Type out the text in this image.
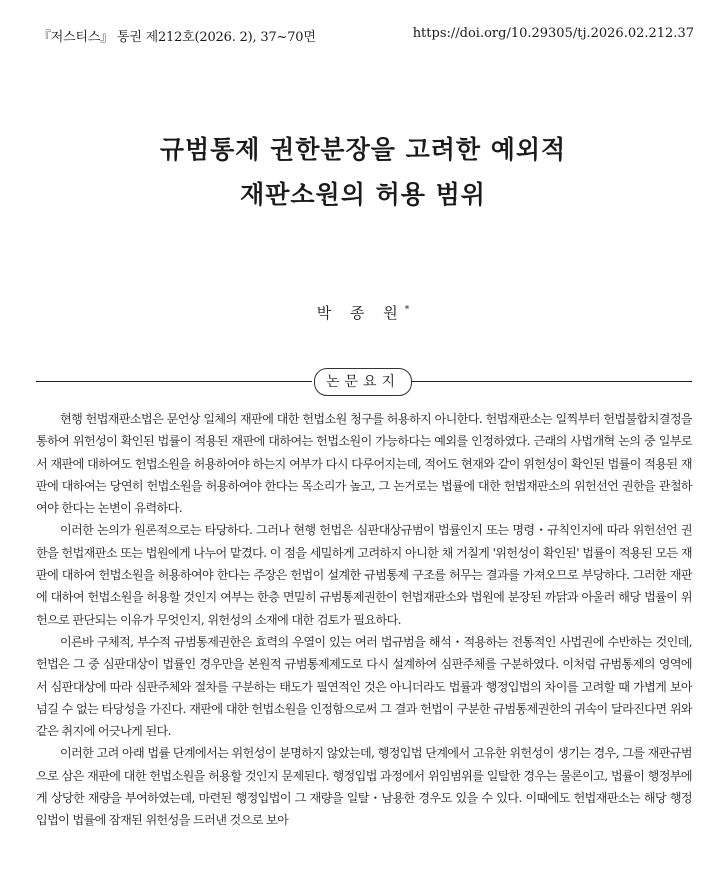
『저스티스』 통권 제212호(2026. 2), 37~70면	https://doi.org/10.29305/tj.2026.02.212.37
규범통제 권한분장을 고려한 예외적
재판소원의 허용 범위
박 종 원*
논문요지

현행 헌법재판소법은 문언상 일체의 재판에 대한 헌법소원 청구를 허용하지 아니한다. 헌법재판소는 일찍부터 헌법불합치결정을 통하여 위헌성이 확인된 법률이 적용된 재판에 대하여는 헌법소원이 가능하다는 예외를 인정하였다. 근래의 사법개혁 논의 중 일부로서 재판에 대하여도 헌법소원을 허용하여야 하는지 여부가 다시 다루어지는데, 적어도 현재와 같이 위헌성이 확인된 법률이 적용된 재판에 대하여는 당연히 헌법소원을 허용하여야 한다는 목소리가 높고, 그 논거로는 법률에 대한 헌법재판소의 위헌선언 권한을 관철하여야 한다는 논변이 유력하다.

이러한 논의가 원론적으로는 타당하다. 그러나 현행 헌법은 심판대상규범이 법률인지 또는 명령・규칙인지에 따라 위헌선언 권한을 헌법재판소 또는 법원에게 나누어 맡겼다. 이 점을 세밀하게 고려하지 아니한 채 거칠게 '위헌성이 확인된' 법률이 적용된 모든 재판에 대하여 헌법소원을 허용하여야 한다는 주장은 헌법이 설계한 규범통제 구조를 허무는 결과를 가져오므로 부당하다. 그러한 재판에 대하여 헌법소원을 허용할 것인지 여부는 한층 면밀히 규범통제권한이 헌법재판소와 법원에 분장된 까닭과 아울러 해당 법률이 위헌으로 판단되는 이유가 무엇인지, 위헌성의 소재에 대한 검토가 필요하다.

이른바 구체적, 부수적 규범통제권한은 효력의 우열이 있는 여러 법규범을 해석・적용하는 전통적인 사법권에 수반하는 것인데, 헌법은 그 중 심판대상이 법률인 경우만을 본원적 규범통제제도로 다시 설계하여 심판주체를 구분하였다. 이처럼 규범통제의 영역에서 심판대상에 따라 심판주체와 절차를 구분하는 태도가 필연적인 것은 아니더라도 법률과 행정입법의 차이를 고려할 때 가볍게 보아 넘길 수 없는 타당성을 가진다. 재판에 대한 헌법소원을 인정함으로써 그 결과 헌법이 구분한 규범통제권한의 귀속이 달라진다면 위와 같은 취지에 어긋나게 된다.

이러한 고려 아래 법률 단계에서는 위헌성이 분명하지 않았는데, 행정입법 단계에서 고유한 위헌성이 생기는 경우, 그를 재판규범으로 삼은 재판에 대한 헌법소원을 허용할 것인지 문제된다. 행정입법 과정에서 위임범위를 일탈한 경우는 물론이고, 법률이 행정부에게 상당한 재량을 부여하였는데, 마련된 행정입법이 그 재량을 일탈・남용한 경우도 있을 수 있다. 이때에도 헌법재판소는 해당 행정입법이 법률에 잠재된 위헌성을 드러낸 것으로 보아
